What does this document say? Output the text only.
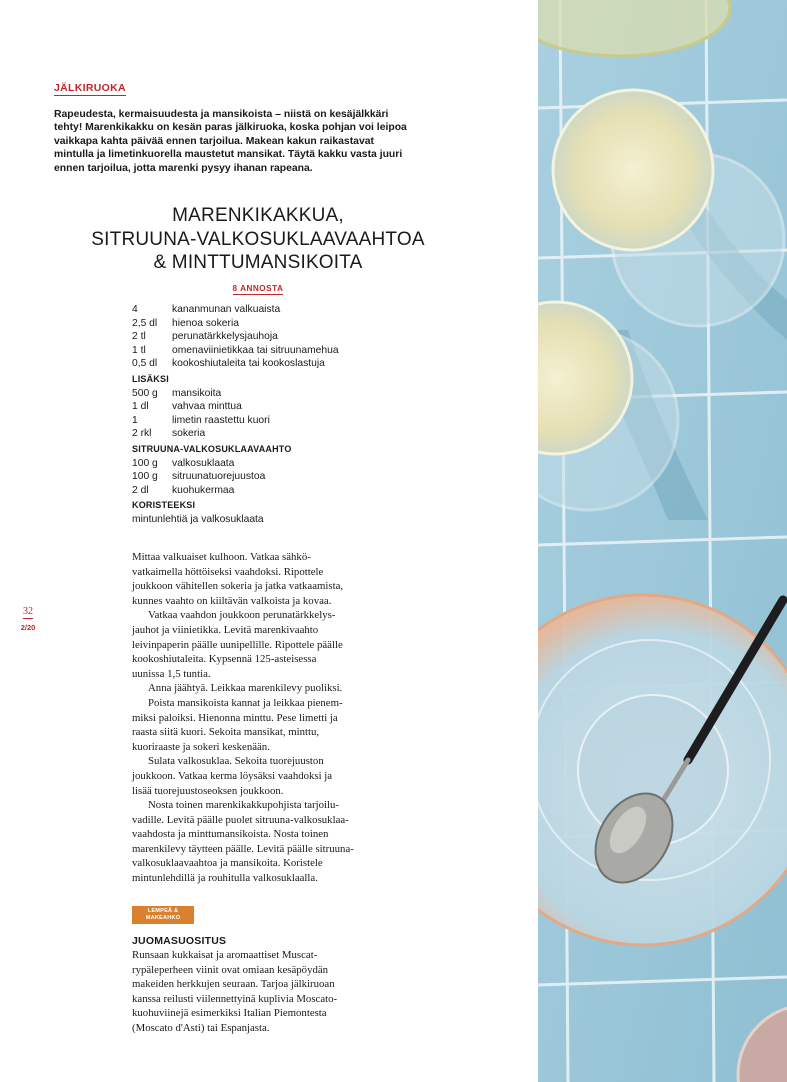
JÄLKIRUOKA

Rapeudesta, kermaisuudesta ja mansikoista – niistä on kesäjälkkäri

tehty! Marenkikakku on kesän paras jälkiruoka, koska pohjan voi leipoa

vaikkapa kahta päivää ennen tarjoilua. Makean kakun raikastavat

mintulla ja limetinkuorella maustetut mansikat. Täytä kakku vasta juuri

ennen tarjoilua, jotta marenki pysyy ihanan rapeana.

MARENKIKAKKUA,
SITRUUNA-VALKOSUKLAAVAAHTOA
& MINTTUMANSIKOITA
8 ANNOSTA
4	kananmunan valkuaista
2,5 dl	hienoa sokeria
2 tl	perunatärkkelysjauhoja
1 tl	omenaviinietikkaa tai sitruunamehua
0,5 dl	kookoshiutaleita tai kookoslastuja
LISÄKSI
500 g	mansikoita
1 dl	vahvaa minttua
1	limetin raastettu kuori
2 rkl	sokeria
SITRUUNA-VALKOSUKLAAVAAHTO
100 g	valkosuklaata
100 g	sitruunatuorejuustoa
2 dl	kuohukermaa
KORISTEEKSI
mintunlehtiä ja valkosuklaata

Mittaa valkuaiset kulhoon. Vatkaa sähkö-

vatkaimella höttöiseksi vaahdoksi. Ripottele

joukkoon vähitellen sokeria ja jatka vatkaamista,

kunnes vaahto on kiiltävän valkoista ja kovaa.

Vatkaa vaahdon joukkoon perunatärkkelys-

jauhot ja viinietikka. Levitä marenkivaahto

leivinpaperin päälle uunipellille. Ripottele päälle

kookoshiutaleita. Kypsennä 125-asteisessa

uunissa 1,5 tuntia.

Anna jäähtyä. Leikkaa marenkilevy puoliksi.

Poista mansikoista kannat ja leikkaa pienem-

miksi paloiksi. Hienonna minttu. Pese limetti ja

raasta siitä kuori. Sekoita mansikat, minttu,

kuoriraaste ja sokeri keskenään.

Sulata valkosuklaa. Sekoita tuorejuuston

joukkoon. Vatkaa kerma löysäksi vaahdoksi ja

lisää tuorejuustoseoksen joukkoon.

Nosta toinen marenkikakkupohjista tarjoilu-

vadille. Levitä päälle puolet sitruuna-valkosuklaa-

vaahdosta ja minttumansikoista. Nosta toinen

marenkilevy täytteen päälle. Levitä päälle sitruuna-

valkosuklaavaahtoa ja mansikoita. Koristele

mintunlehdillä ja rouhitulla valkosuklaalla.

32
2/20
LEMPEÄ &
MAKEAHKO
JUOMASUOSITUS

Runsaan kukkaisat ja aromaattiset Muscat-

rypäleperheen viinit ovat omiaan kesäpöydän

makeiden herkkujen seuraan. Tarjoa jälkiruoan

kanssa reilusti viilennettyinä kuplivia Moscato-

kuohuviinejä esimerkiksi Italian Piemontesta

(Moscato d'Asti) tai Espanjasta.
